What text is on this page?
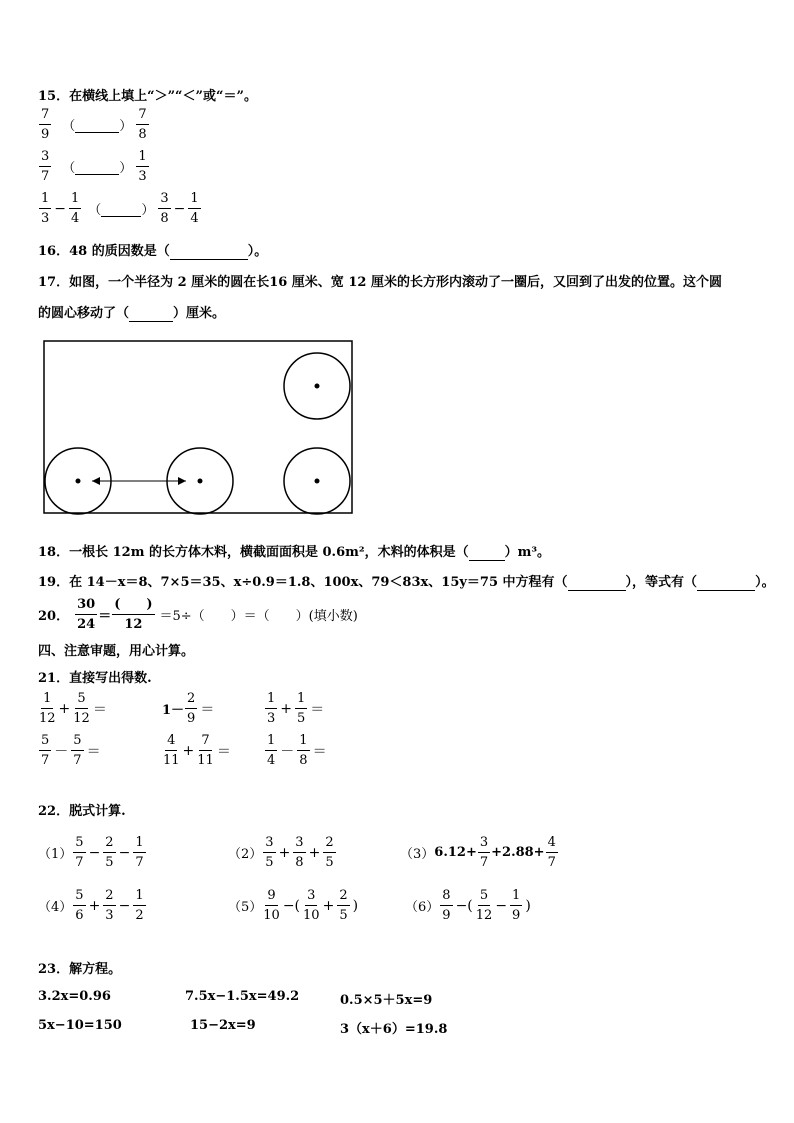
15．在横线上填上“＞”“＜”或“＝”。
$\frac{7}{9}$ （
	） $\frac{7}{8}$
$\frac{3}{7}$ （
	） $\frac{1}{3}$
$\frac{1}{3} - \frac{1}{4}$ （
	） $\frac{3}{8} - \frac{1}{4}$
16．48 的质因数是（	）。
17．如图，一个半径为 2 厘米的圆在长16 厘米、宽 12 厘米的长方形内滚动了一圈后，又回到了出发的位置。这个圆
的圆心移动了（	）厘米。
18．一根长 12m 的长方体木料，横截面面积是 0.6m²，木料的体积是（	）m³。
19．在 14－x＝8、7×5＝35、x÷0.9＝1.8、100x、79＜83x、15y＝75 中方程有（	），等式有（	）。
20． $\frac{30}{24} = \frac{( )}{12} =5\div$（　　）＝（　　）(填小数)
四、注意审题，用心计算。
21．直接写出得数.
$\frac{1}{12} + \frac{5}{12}$ ＝	$1- \frac{2}{9}$ ＝	$\frac{1}{3} + \frac{1}{5}$ ＝
$\frac{5}{7} - \frac{5}{7}$ ＝	$\frac{4}{11} + \frac{7}{11}$ ＝	$\frac{1}{4} - \frac{1}{8}$ ＝
22．脱式计算.
$(1) \frac{5}{7} - \frac{2}{5} - \frac{1}{7}$	$(2) \frac{3}{5} + \frac{3}{8} + \frac{2}{5}$	（3） $6.12+ \frac{3}{7} +2.88+ \frac{4}{7}$
$(4) \frac{5}{6} + \frac{2}{3} - \frac{1}{2}$	$(5) \frac{9}{10}$ −( $\frac{3}{10} + \frac{2}{5}$ )	$(6) \frac{8}{9}$ −( $\frac{5}{12} - \frac{1}{9}$ )
23．解方程。
3.2x=0.96	7.5x−1.5x=49.2	0.5×5＋5x=9
5x−10=150	15−2x=9	3（x＋6）=19.8
